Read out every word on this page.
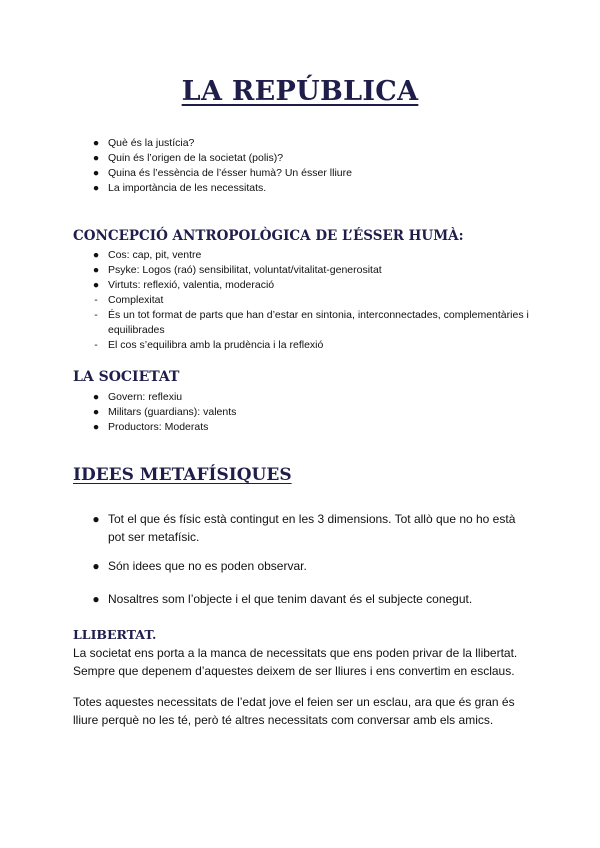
LA REPÚBLICA
● Què és la justícia?
● Quin és l’origen de la societat (polis)?
● Quina és l’essència de l’ésser humà? Un ésser lliure
● La importància de les necessitats.
CONCEPCIÓ ANTROPOLÒGICA DE L’ÉSSER HUMÀ:
● Cos: cap, pit, ventre
● Psyke: Logos (raó) sensibilitat, voluntat/vitalitat-generositat
● Virtuts: reflexió, valentia, moderació
- Complexitat
- És un tot format de parts que han d’estar en sintonia, interconnectades, complementàries i equilibrades
- El cos s’equilibra amb la prudència i la reflexió
LA SOCIETAT
● Govern: reflexiu
● Militars (guardians): valents
● Productors: Moderats
IDEES METAFÍSIQUES
● Tot el que és físic està contingut en les 3 dimensions. Tot allò que no ho està pot ser metafísic.
● Són idees que no es poden observar.
● Nosaltres som l’objecte i el que tenim davant és el subjecte conegut.
LLIBERTAT.

La societat ens porta a la manca de necessitats que ens poden privar de la llibertat. Sempre que depenem d’aquestes deixem de ser lliures i ens convertim en esclaus.

Totes aquestes necessitats de l’edat jove el feien ser un esclau, ara que és gran és lliure perquè no les té, però té altres necessitats com conversar amb els amics.
